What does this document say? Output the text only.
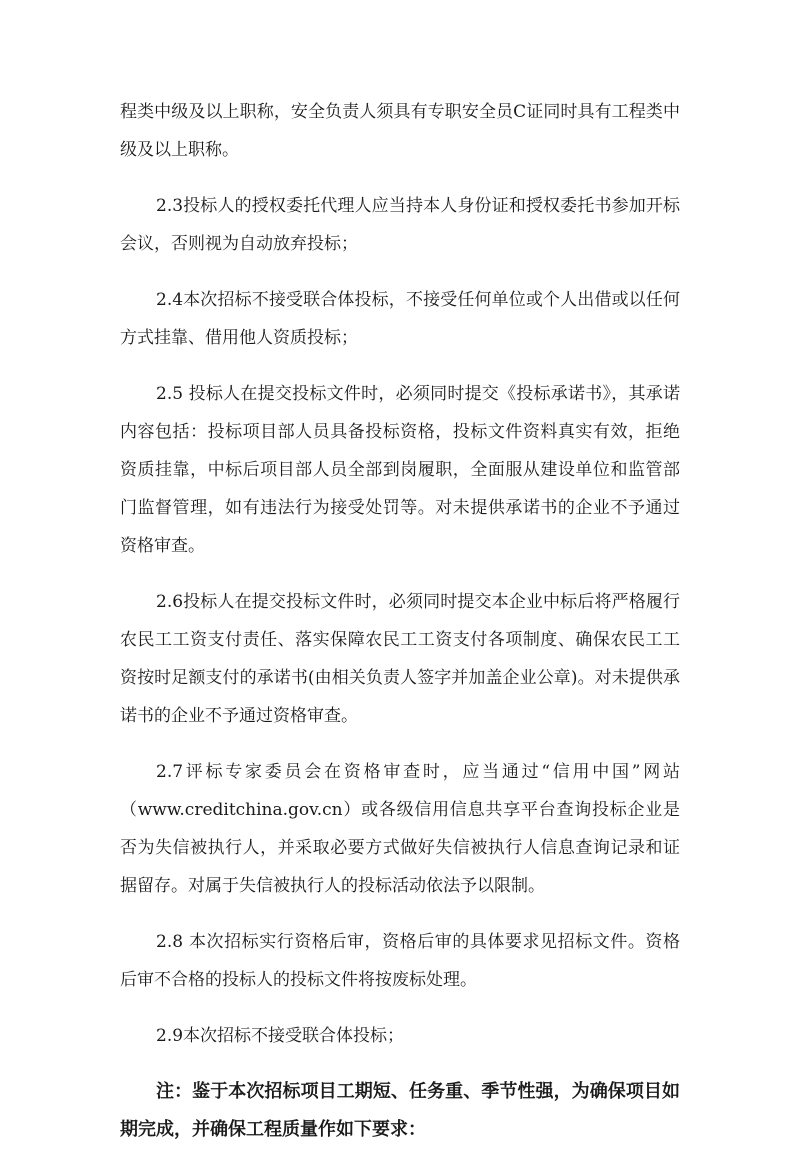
程类中级及以上职称，安全负责人须具有专职安全员C证同时具有工程类中级及以上职称。

2.3投标人的授权委托代理人应当持本人身份证和授权委托书参加开标会议，否则视为自动放弃投标；

2.4本次招标不接受联合体投标，不接受任何单位或个人出借或以任何方式挂靠、借用他人资质投标；

2.5 投标人在提交投标文件时，必须同时提交《投标承诺书》，其承诺内容包括：投标项目部人员具备投标资格，投标文件资料真实有效，拒绝资质挂靠，中标后项目部人员全部到岗履职，全面服从建设单位和监管部门监督管理，如有违法行为接受处罚等。对未提供承诺书的企业不予通过资格审查。

2.6投标人在提交投标文件时，必须同时提交本企业中标后将严格履行农民工工资支付责任、落实保障农民工工资支付各项制度、确保农民工工资按时足额支付的承诺书(由相关负责人签字并加盖企业公章)。对未提供承诺书的企业不予通过资格审查。

2.7评标专家委员会在资格审查时，应当通过“信用中国”网站（www.creditchina.gov.cn）或各级信用信息共享平台查询投标企业是否为失信被执行人，并采取必要方式做好失信被执行人信息查询记录和证据留存。对属于失信被执行人的投标活动依法予以限制。

2.8 本次招标实行资格后审，资格后审的具体要求见招标文件。资格后审不合格的投标人的投标文件将按废标处理。

2.9本次招标不接受联合体投标；

注：鉴于本次招标项目工期短、任务重、季节性强，为确保项目如期完成，并确保工程质量作如下要求：
